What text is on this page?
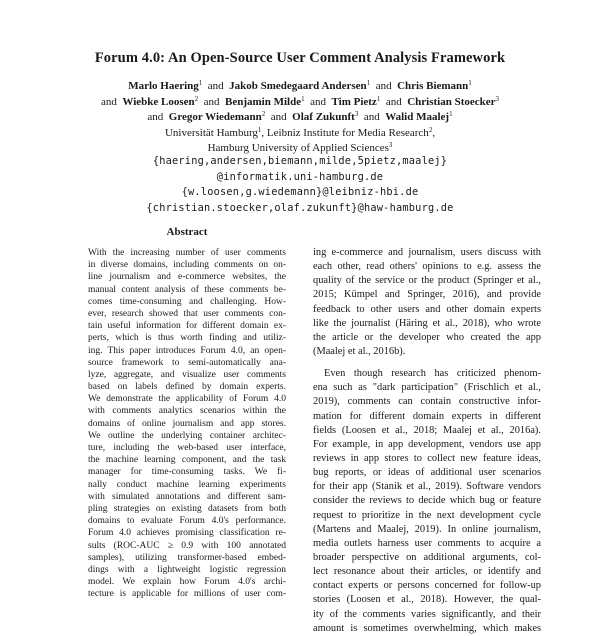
Forum 4.0: An Open-Source User Comment Analysis Framework
Marlo Haering$^1$ and Jakob Smedegaard Andersen$^1$ and Chris Biemann$^1$
and Wiebke Loosen$^2$ and Benjamin Milde$^1$ and Tim Pietz$^1$ and Christian Stoecker$^3$
and Gregor Wiedemann$^2$ and Olaf Zukunft$^3$ and Walid Maalej$^1$
Universität Hamburg$^1$, Leibniz Institute for Media Research$^2$,
Hamburg University of Applied Sciences$^3$
{haering,andersen,biemann,milde,5pietz,maalej}
@informatik.uni-hamburg.de
{w.loosen,g.wiedemann}@leibniz-hbi.de
{christian.stoecker,olaf.zukunft}@haw-hamburg.de
Abstract
With the increasing number of user comments
in diverse domains, including comments on on-
line journalism and e-commerce websites, the
manual content analysis of these comments be-
comes time-consuming and challenging. How-
ever, research showed that user comments con-
tain useful information for different domain ex-
perts, which is thus worth finding and utiliz-
ing. This paper introduces Forum 4.0, an open-
source framework to semi-automatically ana-
lyze, aggregate, and visualize user comments
based on labels defined by domain experts.
We demonstrate the applicability of Forum 4.0
with comments analytics scenarios within the
domains of online journalism and app stores.
We outline the underlying container architec-
ture, including the web-based user interface,
the machine learning component, and the task
manager for time-consuming tasks. We fi-
nally conduct machine learning experiments
with simulated annotations and different sam-
pling strategies on existing datasets from both
domains to evaluate Forum 4.0's performance.
Forum 4.0 achieves promising classification re-
sults (ROC-AUC ≥ 0.9 with 100 annotated
samples), utilizing transformer-based embed-
dings with a lightweight logistic regression
model. We explain how Forum 4.0's archi-
tecture is applicable for millions of user com-
ing e-commerce and journalism, users discuss with
each other, read others' opinions to e.g. assess the
quality of the service or the product (Springer et al.,
2015; Kümpel and Springer, 2016), and provide
feedback to other users and other domain experts
like the journalist (Häring et al., 2018), who wrote
the article or the developer who created the app
(Maalej et al., 2016b).
Even though research has criticized phenom-
ena such as "dark participation" (Frischlich et al.,
2019), comments can contain constructive infor-
mation for different domain experts in different
fields (Loosen et al., 2018; Maalej et al., 2016a).
For example, in app development, vendors use app
reviews in app stores to collect new feature ideas,
bug reports, or ideas of additional user scenarios
for their app (Stanik et al., 2019). Software vendors
consider the reviews to decide which bug or feature
request to prioritize in the next development cycle
(Martens and Maalej, 2019). In online journalism,
media outlets harness user comments to acquire a
broader perspective on additional arguments, col-
lect resonance about their articles, or identify and
contact experts or persons concerned for follow-up
stories (Loosen et al., 2018). However, the qual-
ity of the comments varies significantly, and their
amount is sometimes overwhelming, which makes
